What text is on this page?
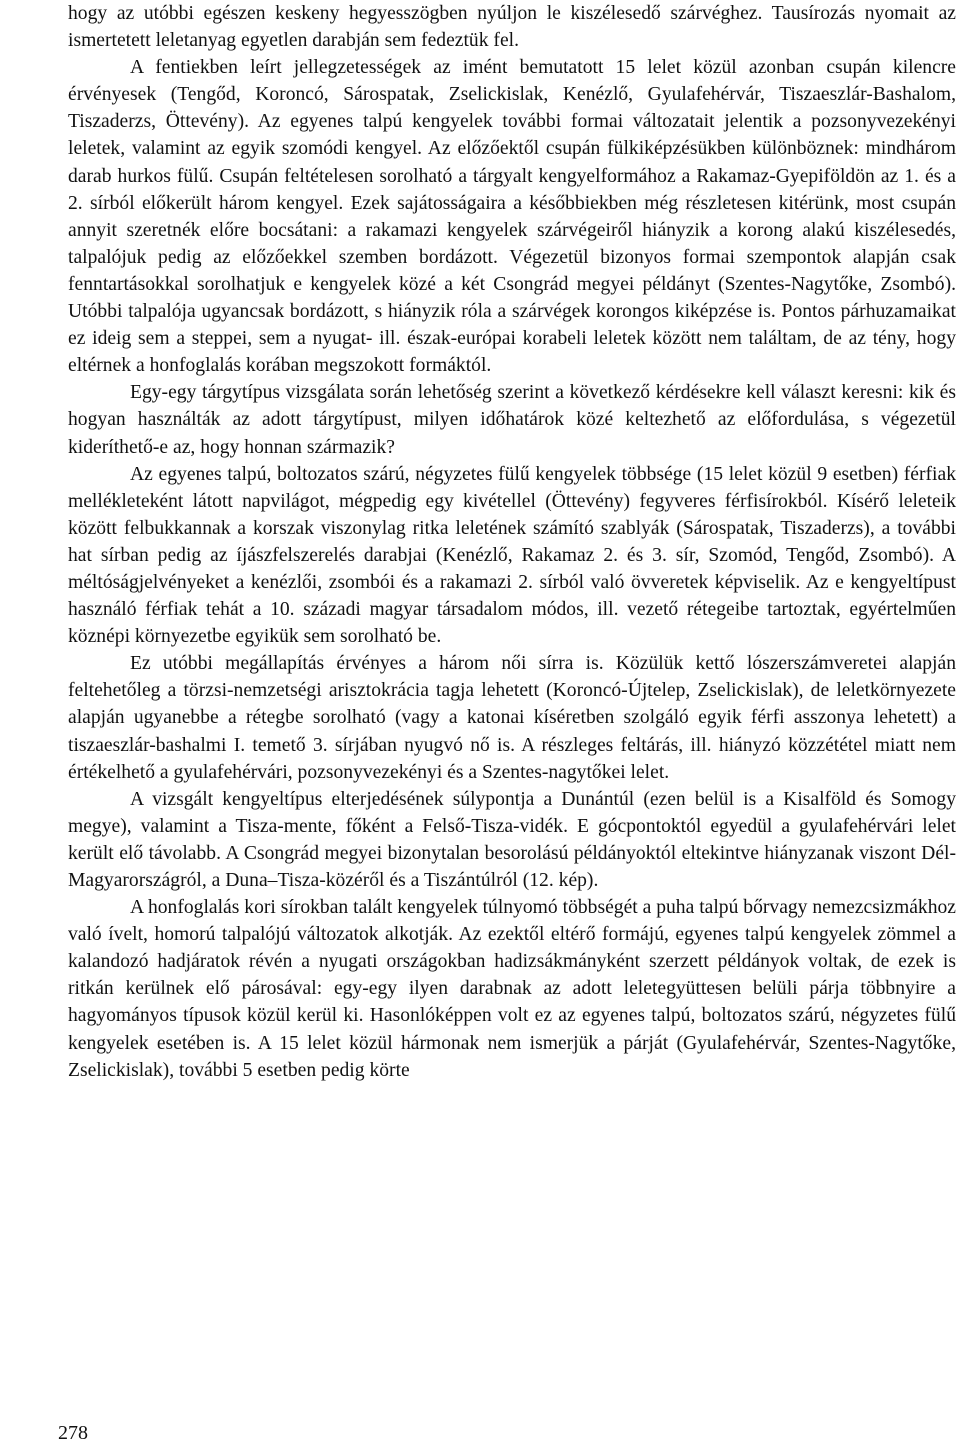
hogy az utóbbi egészen keskeny hegyesszögben nyúljon le kiszélesedő szárvéghez. Tausírozás nyomait az ismertetett leletanyag egyetlen darabján sem fedeztük fel.

A fentiekben leírt jellegzetességek az imént bemutatott 15 lelet közül azonban csupán kilencre érvényesek (Tengőd, Koroncó, Sárospatak, Zselickislak, Kenézlő, Gyulafehérvár, Tiszaeszlár-Bashalom, Tiszaderzs, Öttevény). Az egyenes talpú kengyelek további formai változatait jelentik a pozsonyvezekényi leletek, valamint az egyik szomódi kengyel. Az előzőektől csupán fülkiképzésükben különböznek: mindhárom darab hurkos fülű. Csupán feltételesen sorolható a tárgyalt kengyelformához a Rakamaz-Gyepiföldön az 1. és a 2. sírból előkerült három kengyel. Ezek sajátosságaira a későbbiekben még részletesen kitérünk, most csupán annyit szeretnék előre bocsátani: a rakamazi kengyelek szárvégeiről hiányzik a korong alakú kiszélesedés, talpalójuk pedig az előzőekkel szemben bordázott. Végezetül bizonyos formai szempontok alapján csak fenntartásokkal sorolhatjuk e kengyelek közé a két Csongrád megyei példányt (Szentes-Nagytőke, Zsombó). Utóbbi talpalója ugyancsak bordázott, s hiányzik róla a szárvégek korongos kiképzése is. Pontos párhuzamaikat ez ideig sem a steppei, sem a nyugat- ill. észak-európai korabeli leletek között nem találtam, de az tény, hogy eltérnek a honfoglalás korában megszokott formáktól.

Egy-egy tárgytípus vizsgálata során lehetőség szerint a következő kérdésekre kell választ keresni: kik és hogyan használták az adott tárgytípust, milyen időhatárok közé keltezhető az előfordulása, s végezetül kideríthető-e az, hogy honnan származik?

Az egyenes talpú, boltozatos szárú, négyzetes fülű kengyelek többsége (15 lelet közül 9 esetben) férfiak mellékleteként látott napvilágot, mégpedig egy kivétellel (Öttevény) fegyveres férfisírokból. Kísérő leleteik között felbukkannak a korszak viszonylag ritka leletének számító szablyák (Sárospatak, Tiszaderzs), a további hat sírban pedig az íjászfelszerelés darabjai (Kenézlő, Rakamaz 2. és 3. sír, Szomód, Tengőd, Zsombó). A méltóságjelvényeket a kenézlői, zsombói és a rakamazi 2. sírból való övveretek képviselik. Az e kengyeltípust használó férfiak tehát a 10. századi magyar társadalom módos, ill. vezető rétegeibe tartoztak, egyértelműen köznépi környezetbe egyikük sem sorolható be.

Ez utóbbi megállapítás érvényes a három női sírra is. Közülük kettő lószerszámveretei alapján feltehetőleg a törzsi-nemzetségi arisztokrácia tagja lehetett (Koroncó-Újtelep, Zselickislak), de leletkörnyezete alapján ugyanebbe a rétegbe sorolható (vagy a katonai kíséretben szolgáló egyik férfi asszonya lehetett) a tiszaeszlár-bashalmi I. temető 3. sírjában nyugvó nő is. A részleges feltárás, ill. hiányzó közzététel miatt nem értékelhető a gyulafehérvári, pozsonyvezekényi és a Szentes-nagytőkei lelet.

A vizsgált kengyeltípus elterjedésének súlypontja a Dunántúl (ezen belül is a Kisalföld és Somogy megye), valamint a Tisza-mente, főként a Felső-Tisza-vidék. E gócpontoktól egyedül a gyulafehérvári lelet került elő távolabb. A Csongrád megyei bizonytalan besorolású példányoktól eltekintve hiányzanak viszont Dél-Magyarországról, a Duna–Tisza-közéről és a Tiszántúlról (12. kép).

A honfoglalás kori sírokban talált kengyelek túlnyomó többségét a puha talpú bőrvagy nemezcsizmákhoz való ívelt, homorú talpalójú változatok alkotják. Az ezektől eltérő formájú, egyenes talpú kengyelek zömmel a kalandozó hadjáratok révén a nyugati országokban hadizsákmányként szerzett példányok voltak, de ezek is ritkán kerülnek elő párosával: egy-egy ilyen darabnak az adott leletegyüttesen belüli párja többnyire a hagyományos típusok közül kerül ki. Hasonlóképpen volt ez az egyenes talpú, boltozatos szárú, négyzetes fülű kengyelek esetében is. A 15 lelet közül hármonak nem ismerjük a párját (Gyulafehérvár, Szentes-Nagytőke, Zselickislak), további 5 esetben pedig körte

278
